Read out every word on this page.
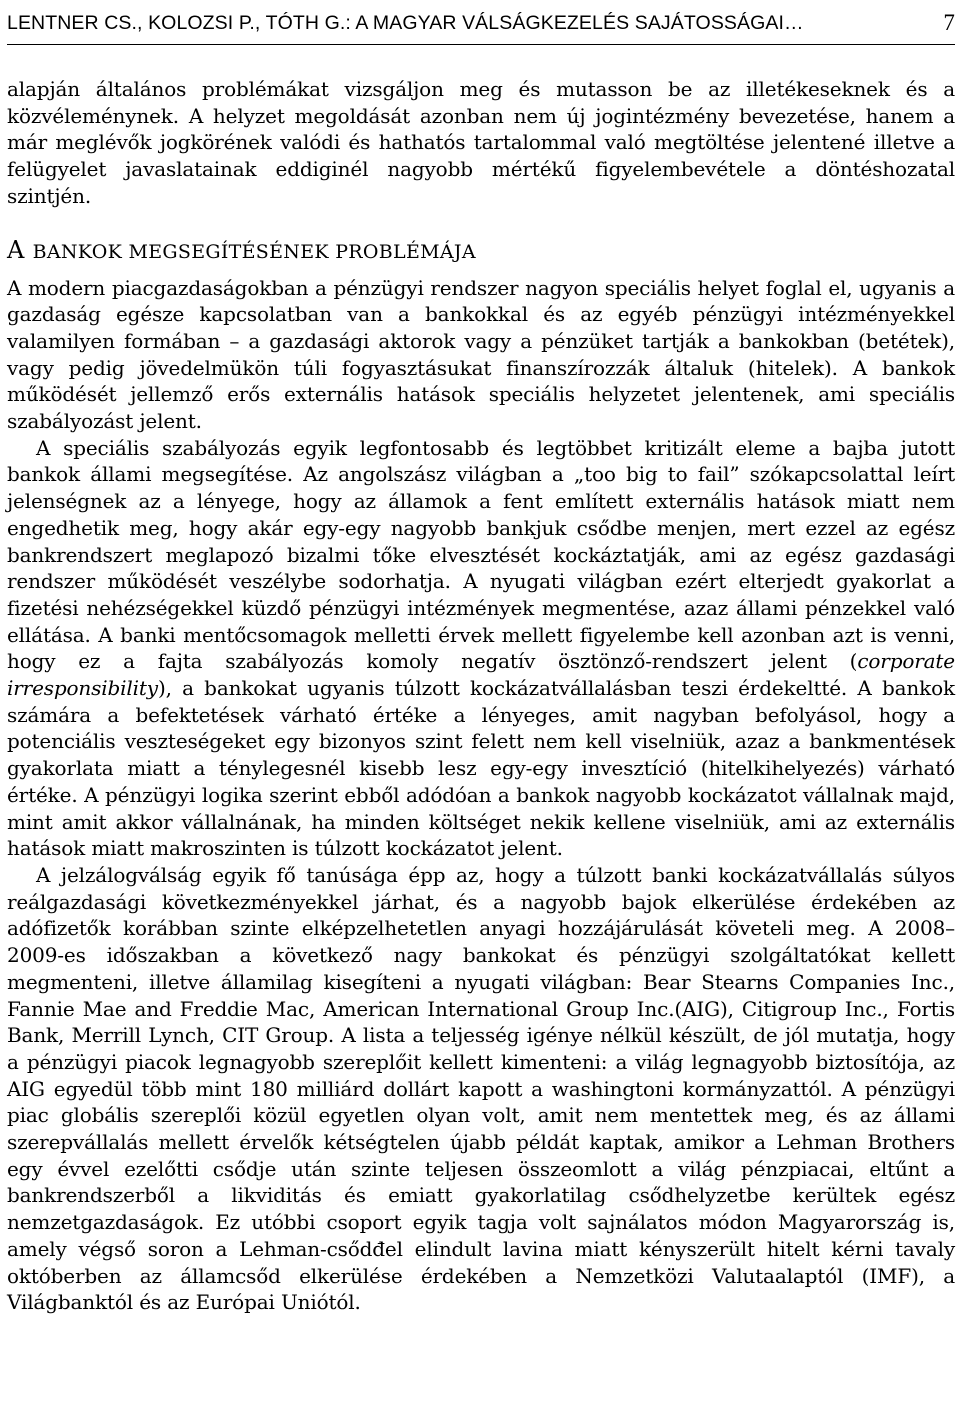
LENTNER CS., KOLOZSI P., TÓTH G.: A MAGYAR VÁLSÁGKEZELÉS SAJÁTOSSÁGAI…	7

alapján általános problémákat vizsgáljon meg és mutasson be az illetékeseknek és a közvéleménynek. A helyzet megoldását azonban nem új jogintézmény bevezetése, hanem a már meglévők jogkörének valódi és hathatós tartalommal való megtöltése jelentené illetve a felügyelet javaslatainak eddiginél nagyobb mértékű figyelembevétele a döntéshozatal szintjén.

A BANKOK MEGSEGÍTÉSÉNEK PROBLÉMÁJA

A modern piacgazdaságokban a pénzügyi rendszer nagyon speciális helyet foglal el, ugyanis a gazdaság egésze kapcsolatban van a bankokkal és az egyéb pénzügyi intézményekkel valamilyen formában – a gazdasági aktorok vagy a pénzüket tartják a bankokban (betétek), vagy pedig jövedelmükön túli fogyasztásukat finanszírozzák általuk (hitelek). A bankok működését jellemző erős externális hatások speciális helyzetet jelentenek, ami speciális szabályozást jelent.

A speciális szabályozás egyik legfontosabb és legtöbbet kritizált eleme a bajba jutott bankok állami megsegítése. Az angolszász világban a „too big to fail” szókapcsolattal leírt jelenségnek az a lényege, hogy az államok a fent említett externális hatások miatt nem engedhetik meg, hogy akár egy-egy nagyobb bankjuk csődbe menjen, mert ezzel az egész bankrendszert meglapozó bizalmi tőke elvesztését kockáztatják, ami az egész gazdasági rendszer működését veszélybe sodorhatja. A nyugati világban ezért elterjedt gyakorlat a fizetési nehézségekkel küzdő pénzügyi intézmények megmentése, azaz állami pénzekkel való ellátása. A banki mentőcsomagok melletti érvek mellett figyelembe kell azonban azt is venni, hogy ez a fajta szabályozás komoly negatív ösztönző-rendszert jelent (corporate irresponsibility), a bankokat ugyanis túlzott kockázatvállalásban teszi érdekeltté. A bankok számára a befektetések várható értéke a lényeges, amit nagyban befolyásol, hogy a potenciális veszteségeket egy bizonyos szint felett nem kell viselniük, azaz a bankmentések gyakorlata miatt a ténylegesnél kisebb lesz egy-egy invesztíció (hitelkihelyezés) várható értéke. A pénzügyi logika szerint ebből adódóan a bankok nagyobb kockázatot vállalnak majd, mint amit akkor vállalnának, ha minden költséget nekik kellene viselniük, ami az externális hatások miatt makroszinten is túlzott kockázatot jelent.

A jelzálogválság egyik fő tanúsága épp az, hogy a túlzott banki kockázatvállalás súlyos reálgazdasági következményekkel járhat, és a nagyobb bajok elkerülése érdekében az adófizetők korábban szinte elképzelhetetlen anyagi hozzájárulását követeli meg. A 2008–2009-es időszakban a következő nagy bankokat és pénzügyi szolgáltatókat kellett megmenteni, illetve államilag kisegíteni a nyugati világban: Bear Stearns Companies Inc., Fannie Mae and Freddie Mac, American International Group Inc.(AIG), Citigroup Inc., Fortis Bank, Merrill Lynch, CIT Group. A lista a teljesség igénye nélkül készült, de jól mutatja, hogy a pénzügyi piacok legnagyobb szereplőit kellett kimenteni: a világ legnagyobb biztosítója, az AIG egyedül több mint 180 milliárd dollárt kapott a washingtoni kormányzattól. A pénzügyi piac globális szereplői közül egyetlen olyan volt, amit nem mentettek meg, és az állami szerepvállalás mellett érvelők kétségtelen újabb példát kaptak, amikor a Lehman Brothers egy évvel ezelőtti csődje után szinte teljesen összeomlott a világ pénzpiacai, eltűnt a bankrendszerből a likviditás és emiatt gyakorlatilag csődhelyzetbe kerültek egész nemzetgazdaságok. Ez utóbbi csoport egyik tagja volt sajnálatos módon Magyarország is, amely végső soron a Lehman-csődđel elindult lavina miatt kényszerült hitelt kérni tavaly októberben az államcsőd elkerülése érdekében a Nemzetközi Valutaalaptól (IMF), a Világbanktól és az Európai Uniótól.
